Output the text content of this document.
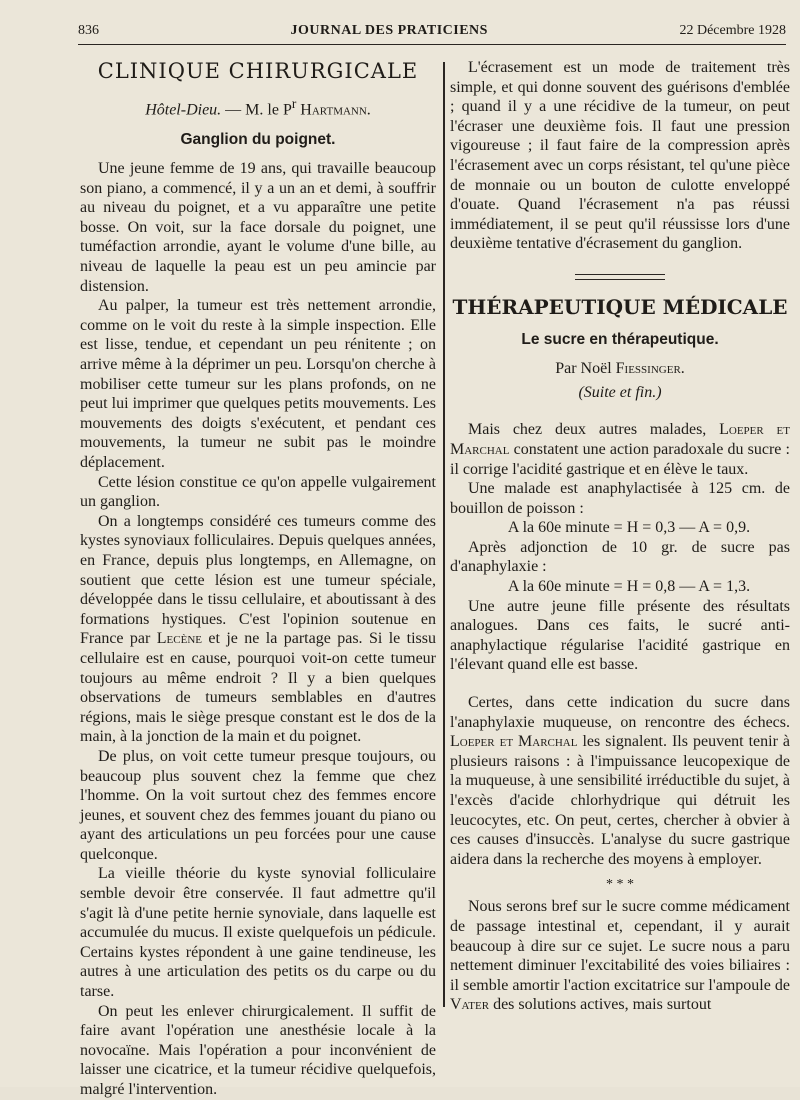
836	JOURNAL DES PRATICIENS	22 Décembre 1928
CLINIQUE CHIRURGICALE
Hôtel-Dieu. — M. le $P^r$ Hartmann.
Ganglion du poignet.

Une jeune femme de 19 ans, qui travaille beaucoup son piano, a commencé, il y a un an et demi, à souffrir au niveau du poignet, et a vu apparaître une petite bosse. On voit, sur la face dorsale du poignet, une tuméfaction arrondie, ayant le volume d'une bille, au niveau de laquelle la peau est un peu amincie par distension.

Au palper, la tumeur est très nettement arrondie, comme on le voit du reste à la simple inspection. Elle est lisse, tendue, et cependant un peu rénitente ; on arrive même à la déprimer un peu. Lorsqu'on cherche à mobiliser cette tumeur sur les plans profonds, on ne peut lui imprimer que quelques petits mouvements. Les mouvements des doigts s'exécutent, et pendant ces mouvements, la tumeur ne subit pas le moindre déplacement.

Cette lésion constitue ce qu'on appelle vulgairement un ganglion.

On a longtemps considéré ces tumeurs comme des kystes synoviaux folliculaires. Depuis quelques années, en France, depuis plus longtemps, en Allemagne, on soutient que cette lésion est une tumeur spéciale, développée dans le tissu cellulaire, et aboutissant à des formations hystiques. C'est l'opinion soutenue en France par Lecène et je ne la partage pas. Si le tissu cellulaire est en cause, pourquoi voit-on cette tumeur toujours au même endroit ? Il y a bien quelques observations de tumeurs semblables en d'autres régions, mais le siège presque constant est le dos de la main, à la jonction de la main et du poignet.

De plus, on voit cette tumeur presque toujours, ou beaucoup plus souvent chez la femme que chez l'homme. On la voit surtout chez des femmes encore jeunes, et souvent chez des femmes jouant du piano ou ayant des articulations un peu forcées pour une cause quelconque.

La vieille théorie du kyste synovial folliculaire semble devoir être conservée. Il faut admettre qu'il s'agit là d'une petite hernie synoviale, dans laquelle est accumulée du mucus. Il existe quelquefois un pédicule. Certains kystes répondent à une gaine tendineuse, les autres à une articulation des petits os du carpe ou du tarse.

On peut les enlever chirurgicalement. Il suffit de faire avant l'opération une anesthésie locale à la novocaïne. Mais l'opération a pour inconvénient de laisser une cicatrice, et la tumeur récidive quelquefois, malgré l'intervention.

L'écrasement est un mode de traitement très simple, et qui donne souvent des guérisons d'emblée ; quand il y a une récidive de la tumeur, on peut l'écraser une deuxième fois. Il faut une pression vigoureuse ; il faut faire de la compression après l'écrasement avec un corps résistant, tel qu'une pièce de monnaie ou un bouton de culotte enveloppé d'ouate. Quand l'écrasement n'a pas réussi immédiatement, il se peut qu'il réussisse lors d'une deuxième tentative d'écrasement du ganglion.

THÉRAPEUTIQUE MÉDICALE
Le sucre en thérapeutique.
Par Noël Fiessinger.
(Suite et fin.)

Mais chez deux autres malades, Loeper et Marchal constatent une action paradoxale du sucre : il corrige l'acidité gastrique et en élève le taux.

Une malade est anaphylactisée à 125 cm. de bouillon de poisson :

A la 60e minute = H = 0,3 — A = 0,9.

Après adjonction de 10 gr. de sucre pas d'anaphylaxie :

A la 60e minute = H = 0,8 — A = 1,3.

Une autre jeune fille présente des résultats analogues. Dans ces faits, le sucré anti-anaphylactique régularise l'acidité gastrique en l'élevant quand elle est basse.

Certes, dans cette indication du sucre dans l'anaphylaxie muqueuse, on rencontre des échecs. Loeper et Marchal les signalent. Ils peuvent tenir à plusieurs raisons : à l'impuissance leucopexique de la muqueuse, à une sensibilité irréductible du sujet, à l'excès d'acide chlorhydrique qui détruit les leucocytes, etc. On peut, certes, chercher à obvier à ces causes d'insuccès. L'analyse du sucre gastrique aidera dans la recherche des moyens à employer.

* * *

Nous serons bref sur le sucre comme médicament de passage intestinal et, cependant, il y aurait beaucoup à dire sur ce sujet. Le sucre nous a paru nettement diminuer l'excitabilité des voies biliaires : il semble amortir l'action excitatrice sur l'ampoule de Vater des solutions actives, mais surtout
